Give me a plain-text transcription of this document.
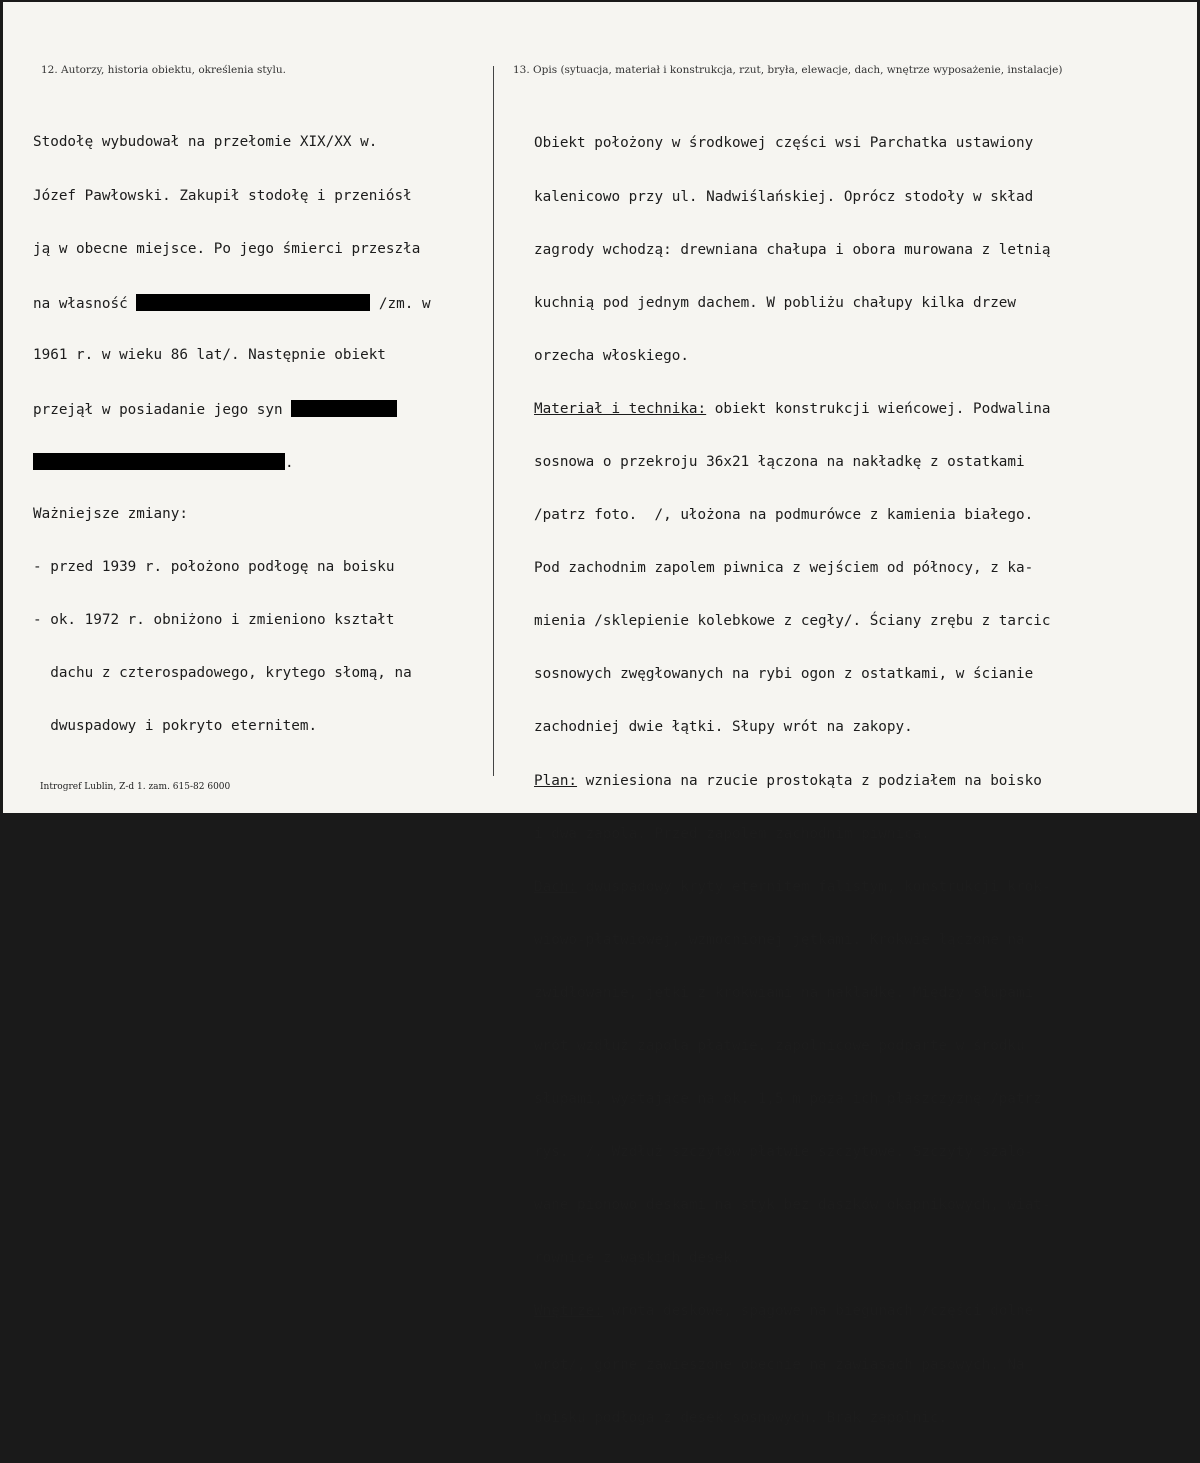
12. Autorzy, historia obiektu, określenia stylu.	13. Opis (sytuacja, materiał i konstrukcja, rzut, bryła, elewacje, dach, wnętrze wyposażenie, instalacje)

Stodołę wybudował na przełomie XIX/XX w.

Józef Pawłowski. Zakupił stodołę i przeniósł

ją w obecne miejsce. Po jego śmierci przeszła

na własność	/zm. w

1961 r. w wieku 86 lat/. Następnie obiekt

przejął w posiadanie jego syn

.

Ważniejsze zmiany:

- przed 1939 r. położono podłogę na boisku

- ok. 1972 r. obniżono i zmieniono kształt

dachu z czterospadowego, krytego słomą, na

dwuspadowy i pokryto eternitem.

Obiekt położony w środkowej części wsi Parchatka ustawiony

kalenicowo przy ul. Nadwiślańskiej. Oprócz stodoły w skład

zagrody wchodzą: drewniana chałupa i obora murowana z letnią

kuchnią pod jednym dachem. W pobliżu chałupy kilka drzew

orzecha włoskiego.

Materiał i technika: obiekt konstrukcji wieńcowej. Podwalina

sosnowa o przekroju 36x21 łączona na nakładkę z ostatkami

/patrz foto.  /, ułożona na podmurówce z kamienia białego.

Pod zachodnim zapolem piwnica z wejściem od północy, z ka-

mienia /sklepienie kolebkowe z cegły/. Ściany zrębu z tarcic

sosnowych zwęgłowanych na rybi ogon z ostatkami, w ścianie

zachodniej dwie łątki. Słupy wrót na zakopy.

Plan: wzniesiona na rzucie prostokąta z podziałem na boisko

i dwa zapola. Przed zapolem zachodnim piwnica.

Dach: dwuspadowy kryty eternitem falistym, konstrukcji krok-

wiowo-płatwiowej, wzmocnionej jętkami. Krokwie łączone na

zwidłowanie, jętki z krokwiami na nakładkę. Między słupami

wrót wzdłuż zapola płatwie. zapolnicowe podparte w środku

słupami, wystające na ok. 1,5 m poza ich płaszczyznę /patrz

rys.  /. Wzdłuż szczytów płatwie szczytowe. Szczyty szalo-

wane pionowo deskami na styk bez daszków okapnikowych, wiat-

rownice z wąskich desek.

Wnętrze: wrota deskowe, spągowe na biegunach /części dolne

wrót/, górne zawieszone obecnie na zawiasach pasowych. Na

boisku podłoga z desek sosnowych. Brak zapolnic.

Introgref Lublin, Z-d 1. zam. 615-82 6000
